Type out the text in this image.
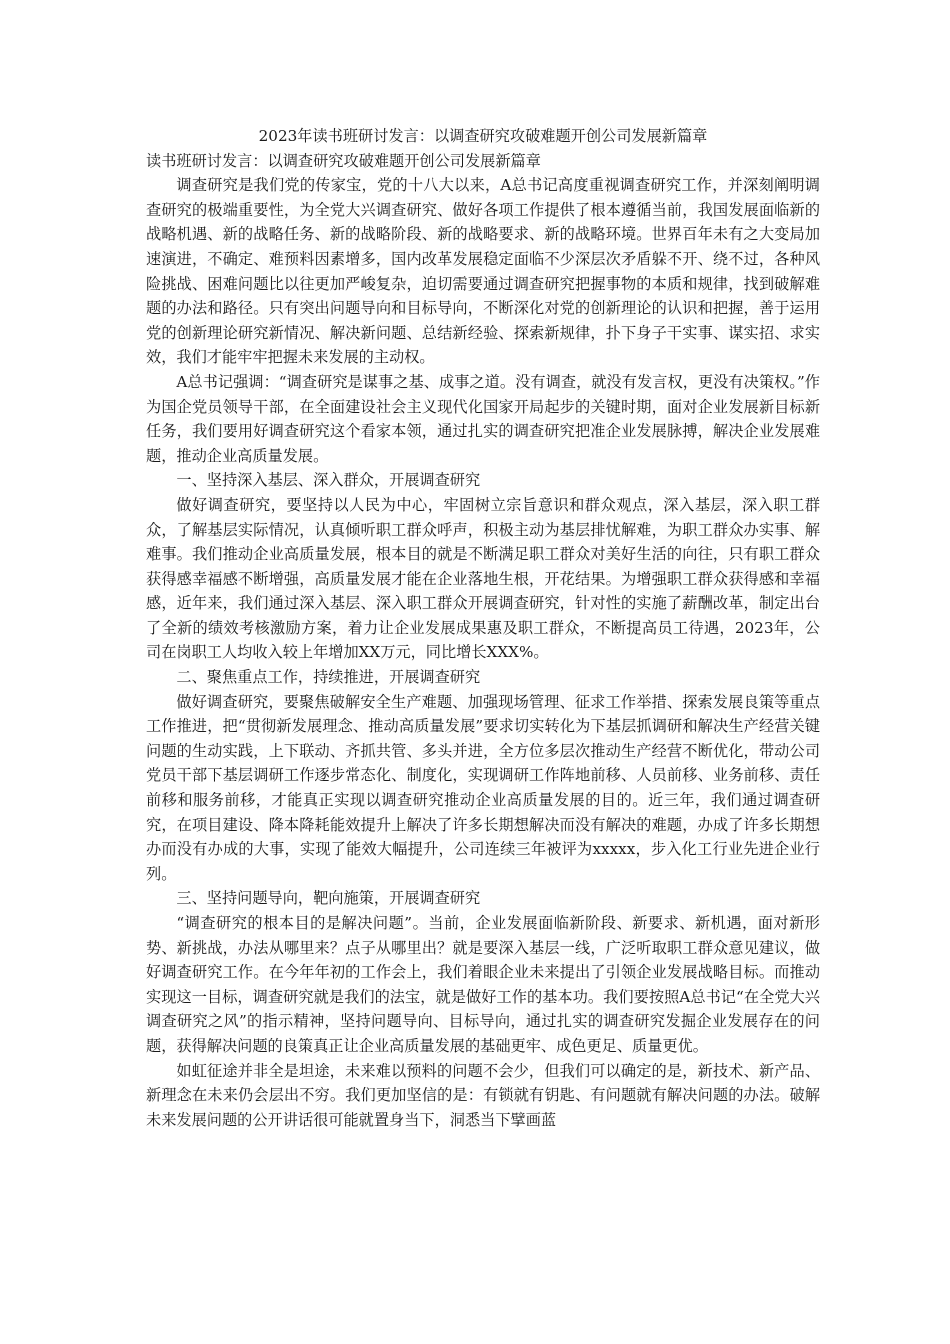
2023年读书班研讨发言：以调查研究攻破难题开创公司发展新篇章

读书班研讨发言：以调查研究攻破难题开创公司发展新篇章

调查研究是我们党的传家宝，党的十八大以来，A总书记高度重视调查研究工作，并深刻阐明调查研究的极端重要性，为全党大兴调查研究、做好各项工作提供了根本遵循当前，我国发展面临新的战略机遇、新的战略任务、新的战略阶段、新的战略要求、新的战略环境。世界百年未有之大变局加速演进，不确定、难预料因素增多，国内改革发展稳定面临不少深层次矛盾躲不开、绕不过，各种风险挑战、困难问题比以往更加严峻复杂，迫切需要通过调查研究把握事物的本质和规律，找到破解难题的办法和路径。只有突出问题导向和目标导向，不断深化对党的创新理论的认识和把握，善于运用党的创新理论研究新情况、解决新问题、总结新经验、探索新规律，扑下身子干实事、谋实招、求实效，我们才能牢牢把握未来发展的主动权。

A总书记强调：“调查研究是谋事之基、成事之道。没有调查，就没有发言权，更没有决策权。”作为国企党员领导干部，在全面建设社会主义现代化国家开局起步的关键时期，面对企业发展新目标新任务，我们要用好调查研究这个看家本领，通过扎实的调查研究把准企业发展脉搏，解决企业发展难题，推动企业高质量发展。

一、坚持深入基层、深入群众，开展调查研究

做好调查研究，要坚持以人民为中心，牢固树立宗旨意识和群众观点，深入基层，深入职工群众，了解基层实际情况，认真倾听职工群众呼声，积极主动为基层排忧解难，为职工群众办实事、解难事。我们推动企业高质量发展，根本目的就是不断满足职工群众对美好生活的向往，只有职工群众获得感幸福感不断增强，高质量发展才能在企业落地生根，开花结果。为增强职工群众获得感和幸福感，近年来，我们通过深入基层、深入职工群众开展调查研究，针对性的实施了薪酬改革，制定出台了全新的绩效考核激励方案，着力让企业发展成果惠及职工群众，不断提高员工待遇，2023年，公司在岗职工人均收入较上年增加XX万元，同比增长XXX%。

二、聚焦重点工作，持续推进，开展调查研究

做好调查研究，要聚焦破解安全生产难题、加强现场管理、征求工作举措、探索发展良策等重点工作推进，把“贯彻新发展理念、推动高质量发展”要求切实转化为下基层抓调研和解决生产经营关键问题的生动实践，上下联动、齐抓共管、多头并进，全方位多层次推动生产经营不断优化，带动公司党员干部下基层调研工作逐步常态化、制度化，实现调研工作阵地前移、人员前移、业务前移、责任前移和服务前移，才能真正实现以调查研究推动企业高质量发展的目的。近三年，我们通过调查研究，在项目建设、降本降耗能效提升上解决了许多长期想解决而没有解决的难题，办成了许多长期想办而没有办成的大事，实现了能效大幅提升，公司连续三年被评为xxxxx，步入化工行业先进企业行列。

三、坚持问题导向，靶向施策，开展调查研究

“调查研究的根本目的是解决问题”。当前，企业发展面临新阶段、新要求、新机遇，面对新形势、新挑战，办法从哪里来？点子从哪里出？就是要深入基层一线，广泛听取职工群众意见建议，做好调查研究工作。在今年年初的工作会上，我们着眼企业未来提出了引领企业发展战略目标。而推动实现这一目标，调查研究就是我们的法宝，就是做好工作的基本功。我们要按照A总书记“在全党大兴调查研究之风”的指示精神，坚持问题导向、目标导向，通过扎实的调查研究发掘企业发展存在的问题，获得解决问题的良策真正让企业高质量发展的基础更牢、成色更足、质量更优。

如虹征途并非全是坦途，未来难以预料的问题不会少，但我们可以确定的是，新技术、新产品、新理念在未来仍会层出不穷。我们更加坚信的是：有锁就有钥匙、有问题就有解决问题的办法。破解未来发展问题的公开讲话很可能就置身当下，洞悉当下擘画蓝
